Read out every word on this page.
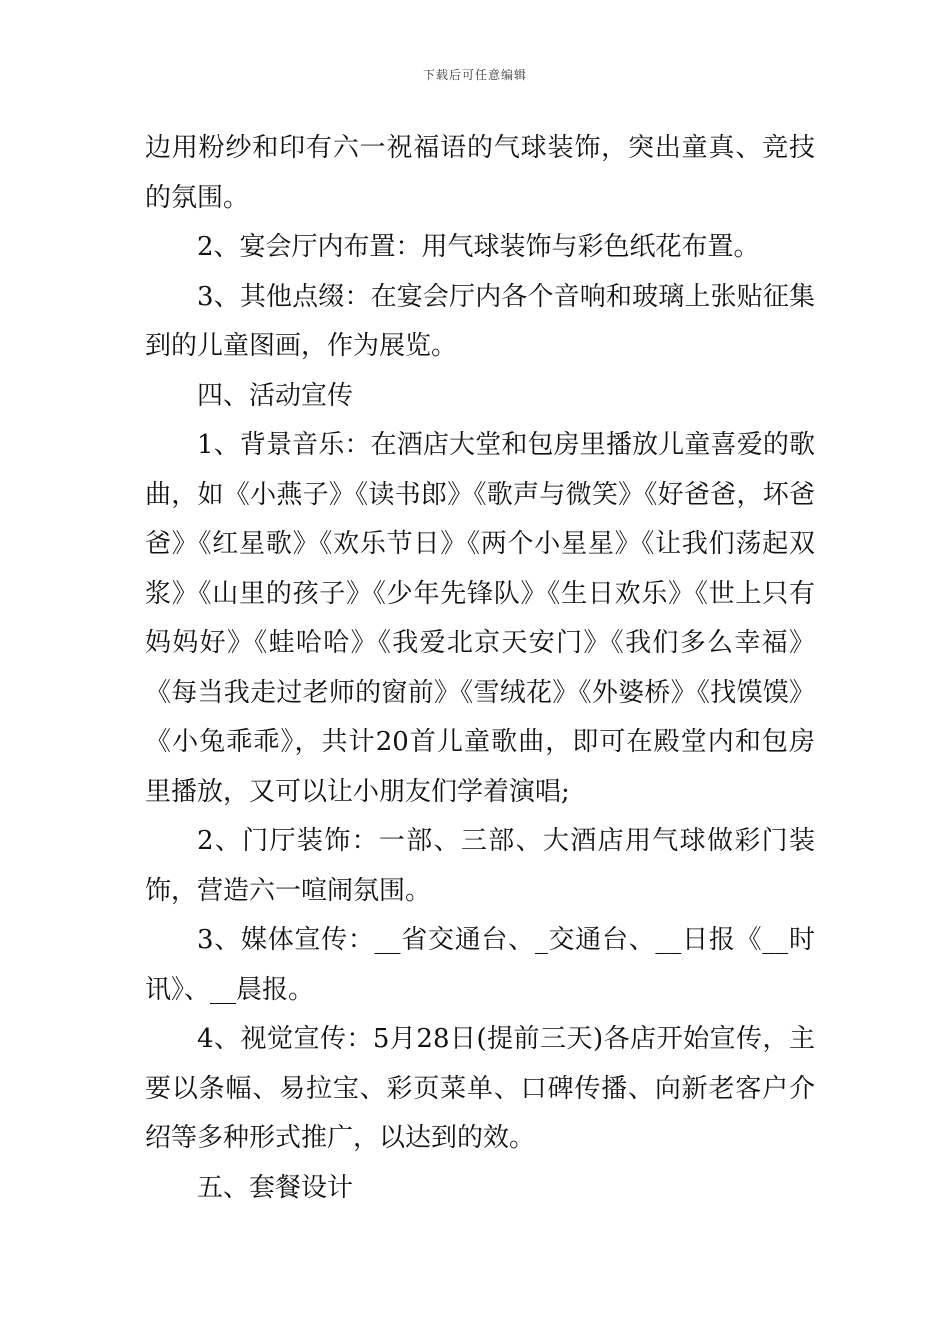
下载后可任意编辑

边用粉纱和印有六一祝福语的气球装饰，突出童真、竞技的氛围。

2、宴会厅内布置：用气球装饰与彩色纸花布置。

3、其他点缀：在宴会厅内各个音响和玻璃上张贴征集到的儿童图画，作为展览。

四、活动宣传

1、背景音乐：在酒店大堂和包房里播放儿童喜爱的歌曲，如《小燕子》《读书郎》《歌声与微笑》《好爸爸，坏爸爸》《红星歌》《欢乐节日》《两个小星星》《让我们荡起双浆》《山里的孩子》《少年先锋队》《生日欢乐》《世上只有妈妈好》《蛙哈哈》《我爱北京天安门》《我们多么幸福》《每当我走过老师的窗前》《雪绒花》《外婆桥》《找馍馍》《小兔乖乖》，共计20首儿童歌曲，即可在殿堂内和包房里播放，又可以让小朋友们学着演唱;

2、门厅装饰：一部、三部、大酒店用气球做彩门装饰，营造六一喧闹氛围。

3、媒体宣传：__省交通台、_交通台、__日报《__时讯》、__晨报。

4、视觉宣传：5月28日(提前三天)各店开始宣传，主要以条幅、易拉宝、彩页菜单、口碑传播、向新老客户介绍等多种形式推广，以达到的效。

五、套餐设计
